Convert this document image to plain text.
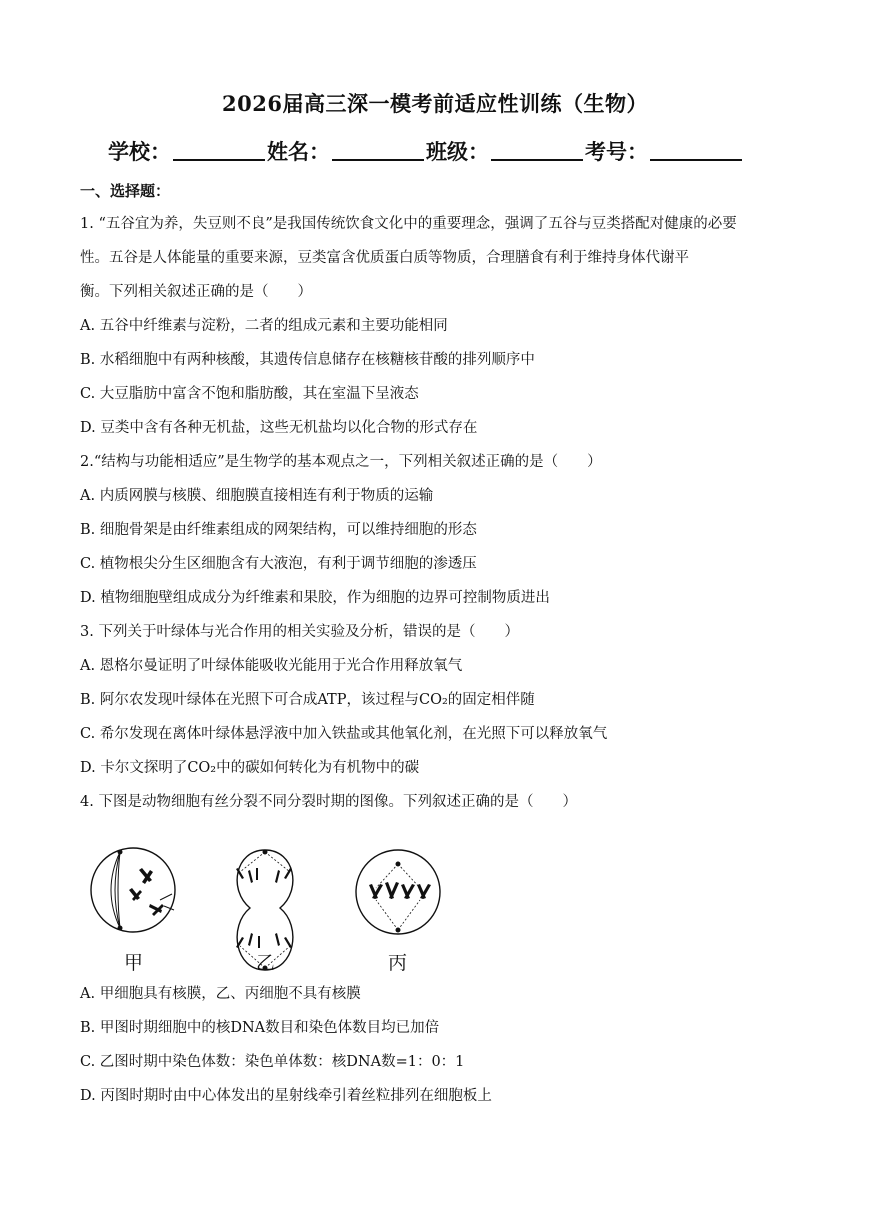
2026届高三深一模考前适应性训练（生物）
学校：	姓名：	班级：	考号：
一、选择题：
1. “五谷宜为养，失豆则不良”是我国传统饮食文化中的重要理念，强调了五谷与豆类搭配对健康的必要
性。五谷是人体能量的重要来源，豆类富含优质蛋白质等物质，合理膳食有利于维持身体代谢平
衡。下列相关叙述正确的是（　　）
A. 五谷中纤维素与淀粉，二者的组成元素和主要功能相同
B. 水稻细胞中有两种核酸，其遗传信息储存在核糖核苷酸的排列顺序中
C. 大豆脂肪中富含不饱和脂肪酸，其在室温下呈液态
D. 豆类中含有各种无机盐，这些无机盐均以化合物的形式存在
2.“结构与功能相适应”是生物学的基本观点之一，下列相关叙述正确的是（　　）
A. 内质网膜与核膜、细胞膜直接相连有利于物质的运输
B. 细胞骨架是由纤维素组成的网架结构，可以维持细胞的形态
C. 植物根尖分生区细胞含有大液泡，有利于调节细胞的渗透压
D. 植物细胞壁组成成分为纤维素和果胶，作为细胞的边界可控制物质进出
3. 下列关于叶绿体与光合作用的相关实验及分析，错误的是（　　）
A. 恩格尔曼证明了叶绿体能吸收光能用于光合作用释放氧气
B. 阿尔农发现叶绿体在光照下可合成ATP，该过程与CO₂的固定相伴随
C. 希尔发现在离体叶绿体悬浮液中加入铁盐或其他氧化剂，在光照下可以释放氧气
D. 卡尔文探明了CO₂中的碳如何转化为有机物中的碳
4. 下图是动物细胞有丝分裂不同分裂时期的图像。下列叙述正确的是（　　）
甲	乙	丙
A. 甲细胞具有核膜，乙、丙细胞不具有核膜
B. 甲图时期细胞中的核DNA数目和染色体数目均已加倍
C. 乙图时期中染色体数：染色单体数：核DNA数=1：0：1
D. 丙图时期时由中心体发出的星射线牵引着丝粒排列在细胞板上
